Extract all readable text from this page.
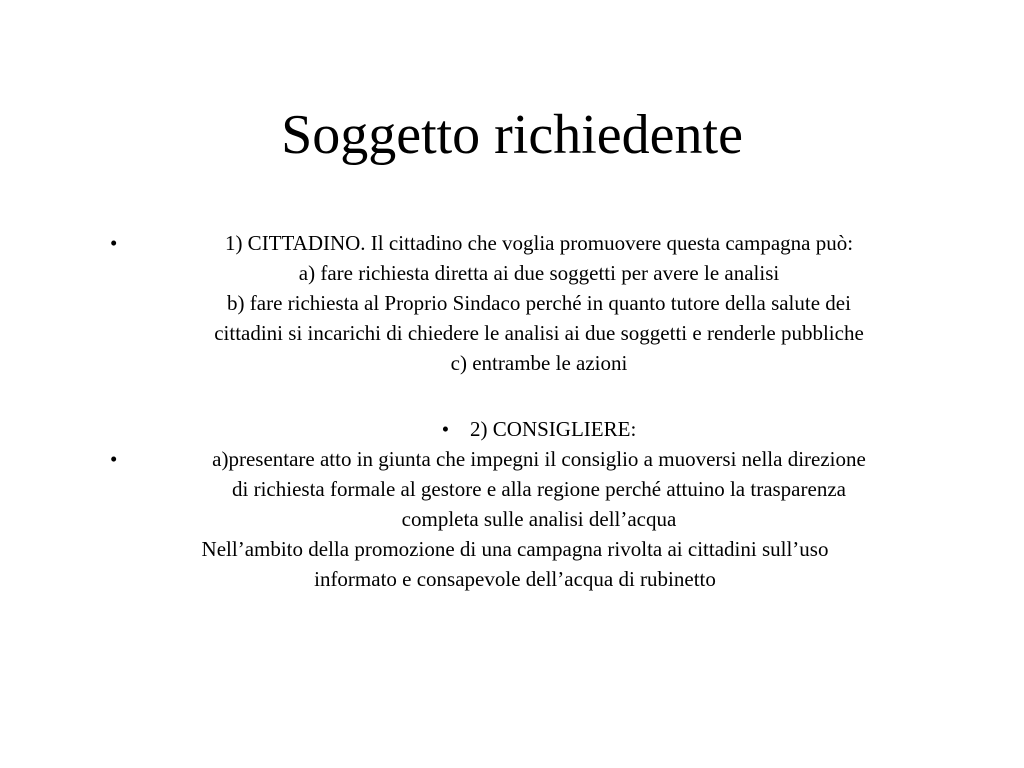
Soggetto richiedente
•	1) CITTADINO. Il cittadino che voglia promuovere questa campagna può:
a) fare richiesta diretta ai due soggetti per avere le analisi
b) fare richiesta al Proprio Sindaco perché in quanto tutore della salute dei
cittadini si incarichi di chiedere le analisi ai due soggetti e renderle pubbliche
c) entrambe le azioni
• 2) CONSIGLIERE:
•	a)presentare atto in giunta che impegni il consiglio a muoversi nella direzione
di richiesta formale al gestore e alla regione perché attuino la trasparenza
completa sulle analisi dell’acqua
Nell’ambito della promozione di una campagna rivolta ai cittadini sull’uso
informato e consapevole dell’acqua di rubinetto
